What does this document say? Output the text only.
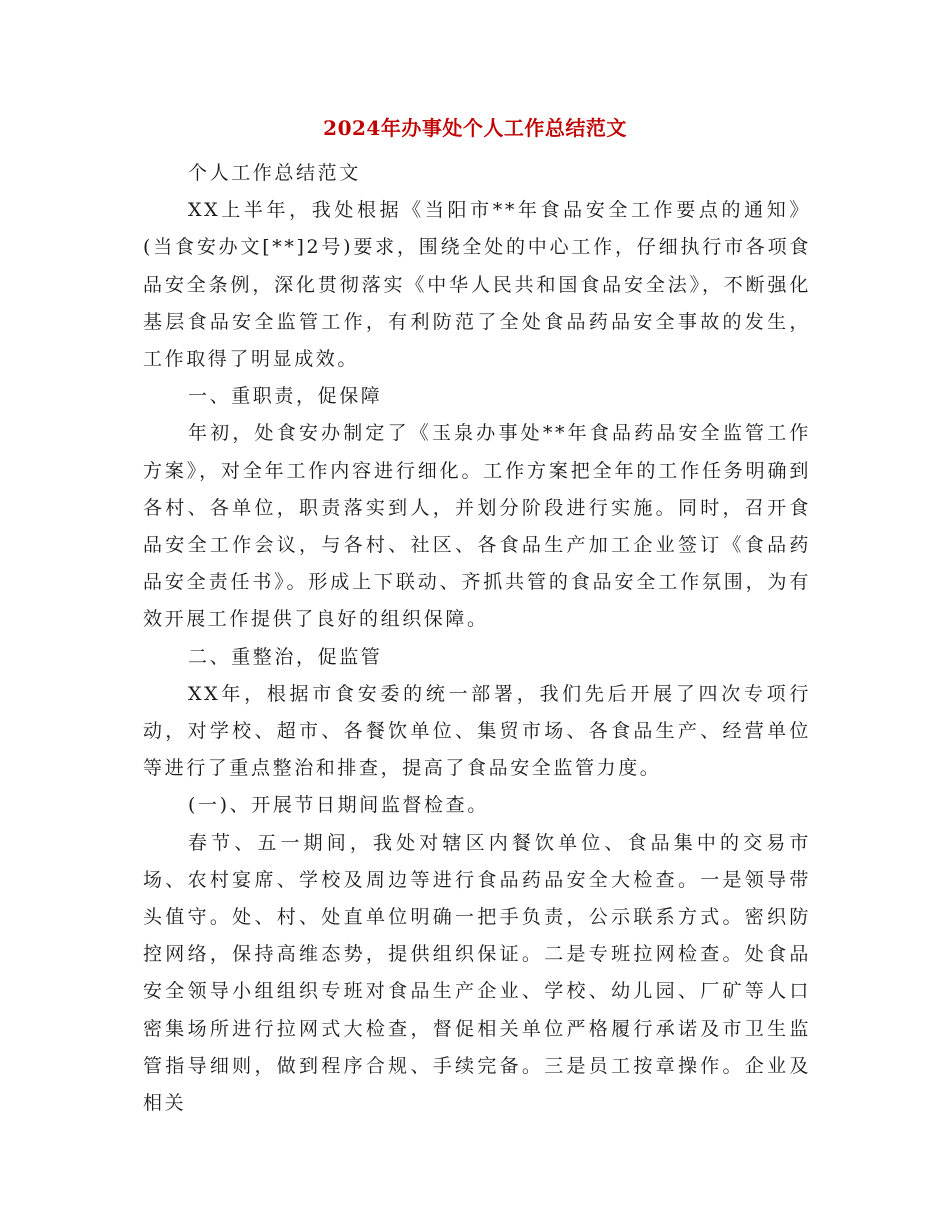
2024年办事处个人工作总结范文

个人工作总结范文

XX上半年，我处根据《当阳市**年食品安全工作要点的通知》(当食安办文[**]2号)要求，围绕全处的中心工作，仔细执行市各项食品安全条例，深化贯彻落实《中华人民共和国食品安全法》，不断强化基层食品安全监管工作，有利防范了全处食品药品安全事故的发生，工作取得了明显成效。

一、重职责，促保障

年初，处食安办制定了《玉泉办事处**年食品药品安全监管工作方案》，对全年工作内容进行细化。工作方案把全年的工作任务明确到各村、各单位，职责落实到人，并划分阶段进行实施。同时，召开食品安全工作会议，与各村、社区、各食品生产加工企业签订《食品药品安全责任书》。形成上下联动、齐抓共管的食品安全工作氛围，为有效开展工作提供了良好的组织保障。

二、重整治，促监管

XX年，根据市食安委的统一部署，我们先后开展了四次专项行动，对学校、超市、各餐饮单位、集贸市场、各食品生产、经营单位等进行了重点整治和排查，提高了食品安全监管力度。

(一)、开展节日期间监督检查。

春节、五一期间，我处对辖区内餐饮单位、食品集中的交易市场、农村宴席、学校及周边等进行食品药品安全大检查。一是领导带头值守。处、村、处直单位明确一把手负责，公示联系方式。密织防控网络，保持高维态势，提供组织保证。二是专班拉网检查。处食品安全领导小组组织专班对食品生产企业、学校、幼儿园、厂矿等人口密集场所进行拉网式大检查，督促相关单位严格履行承诺及市卫生监管指导细则，做到程序合规、手续完备。三是员工按章操作。企业及相关
